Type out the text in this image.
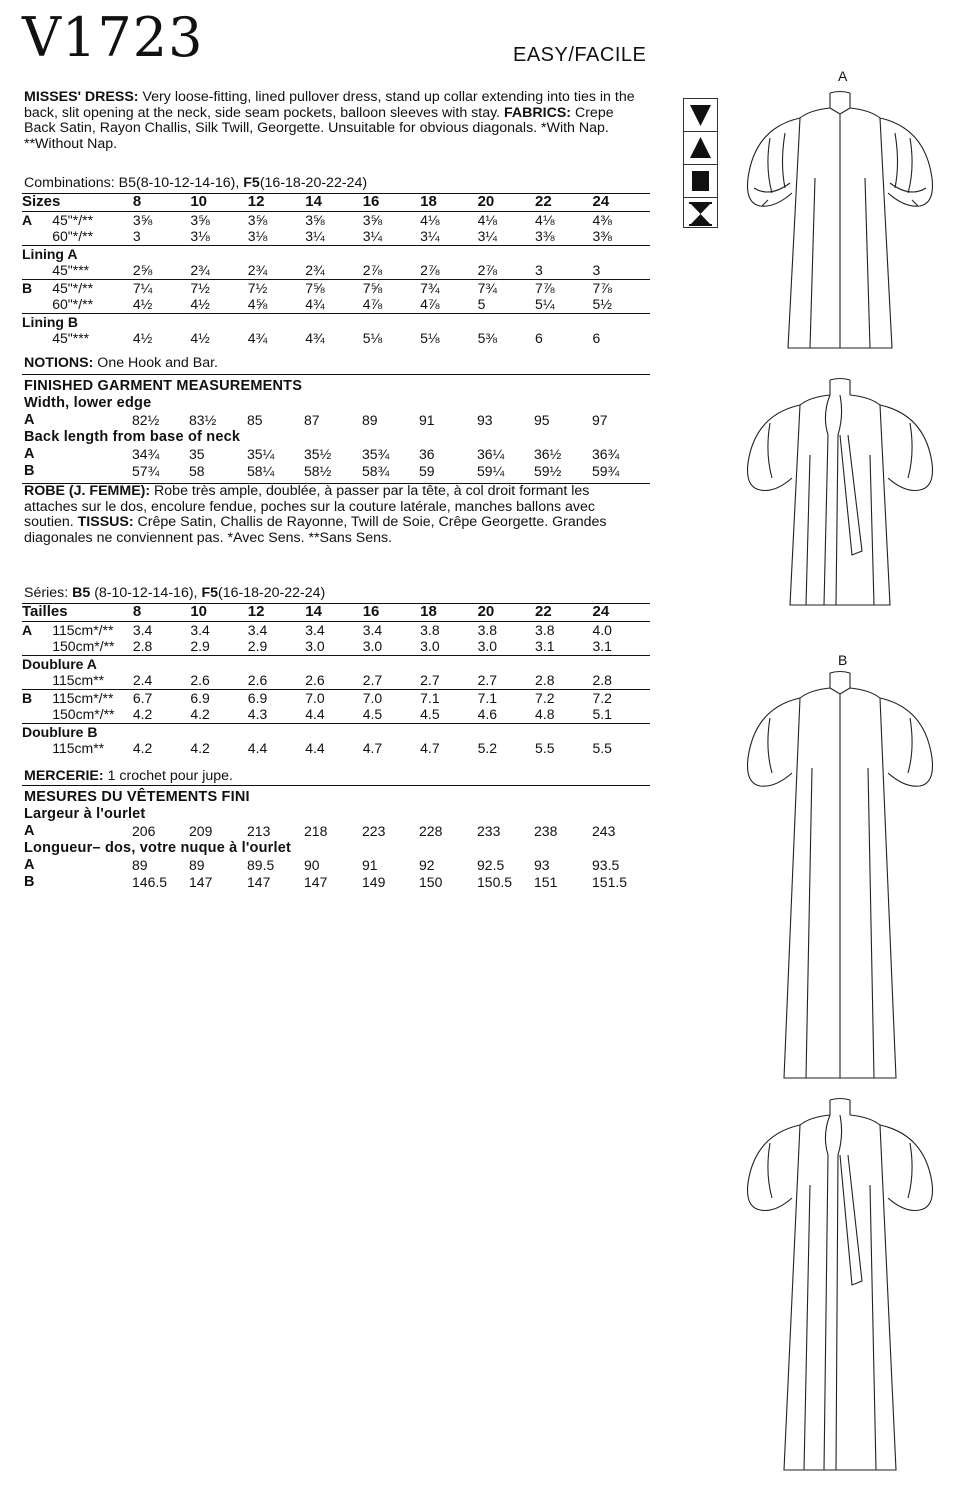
V1723	EASY/FACILE
MISSES' DRESS: Very loose-fitting, lined pullover dress, stand up collar extending into ties in the back, slit opening at the neck, side seam pockets, balloon sleeves with stay. FABRICS: Crepe Back Satin, Rayon Challis, Silk Twill, Georgette. Unsuitable for obvious diagonals. *With Nap. **Without Nap.
Combinations: B5(8-10-12-14-16), F5(16-18-20-22-24)
Sizes		8	10	12	14	16	18	20	22	24
A	45"*/**	3⅝	3⅝	3⅝	3⅝	3⅝	4⅛	4⅛	4⅛	4⅜
	60"*/**	3	3⅛	3⅛	3¼	3¼	3¼	3¼	3⅜	3⅜
Lining A										
	45"***	2⅝	2¾	2¾	2¾	2⅞	2⅞	2⅞	3	3
B	45"*/**	7¼	7½	7½	7⅝	7⅝	7¾	7¾	7⅞	7⅞
	60"*/**	4½	4½	4⅝	4¾	4⅞	4⅞	5	5¼	5½
Lining B										
	45"***	4½	4½	4¾	4¾	5⅛	5⅛	5⅜	6	6
NOTIONS: One Hook and Bar.
FINISHED GARMENT MEASUREMENTS
Width, lower edge
A	82½ 83½ 85	87	89	91	93	95	97
Back length from base of neck
A	34¾ 35	35¼ 35½ 35¾ 36	36¼ 36½ 36¾
B	57¾ 58	58¼ 58½ 58¾ 59	59¼ 59½ 59¾
ROBE (J. FEMME): Robe très ample, doublée, à passer par la tête, à col droit formant les attaches sur le dos, encolure fendue, poches sur la couture latérale, manches ballons avec soutien. TISSUS: Crêpe Satin, Challis de Rayonne, Twill de Soie, Crêpe Georgette. Grandes diagonales ne conviennent pas. *Avec Sens. **Sans Sens.
Séries: B5 (8-10-12-14-16), F5(16-18-20-22-24)
Tailles		8	10	12	14	16	18	20	22	24
A	115cm*/**	3.4	3.4	3.4	3.4	3.4	3.8	3.8	3.8	4.0
	150cm*/**	2.8	2.9	2.9	3.0	3.0	3.0	3.0	3.1	3.1
Doublure A										
	115cm**	2.4	2.6	2.6	2.6	2.7	2.7	2.7	2.8	2.8
B	115cm*/**	6.7	6.9	6.9	7.0	7.0	7.1	7.1	7.2	7.2
	150cm*/**	4.2	4.2	4.3	4.4	4.5	4.5	4.6	4.8	5.1
Doublure B										
	115cm**	4.2	4.2	4.4	4.4	4.7	4.7	5.2	5.5	5.5
MERCERIE: 1 crochet pour jupe.
MESURES DU VÊTEMENTS FINI
Largeur à l'ourlet
A	206 209 213 218 223 228 233 238 243
Longueur– dos, votre nuque à l'ourlet
A	89	89	89.5 90	91	92	92.5 93	93.5
B	146.5 147 147 147 149 150 150.5 151 151.5
A
B
